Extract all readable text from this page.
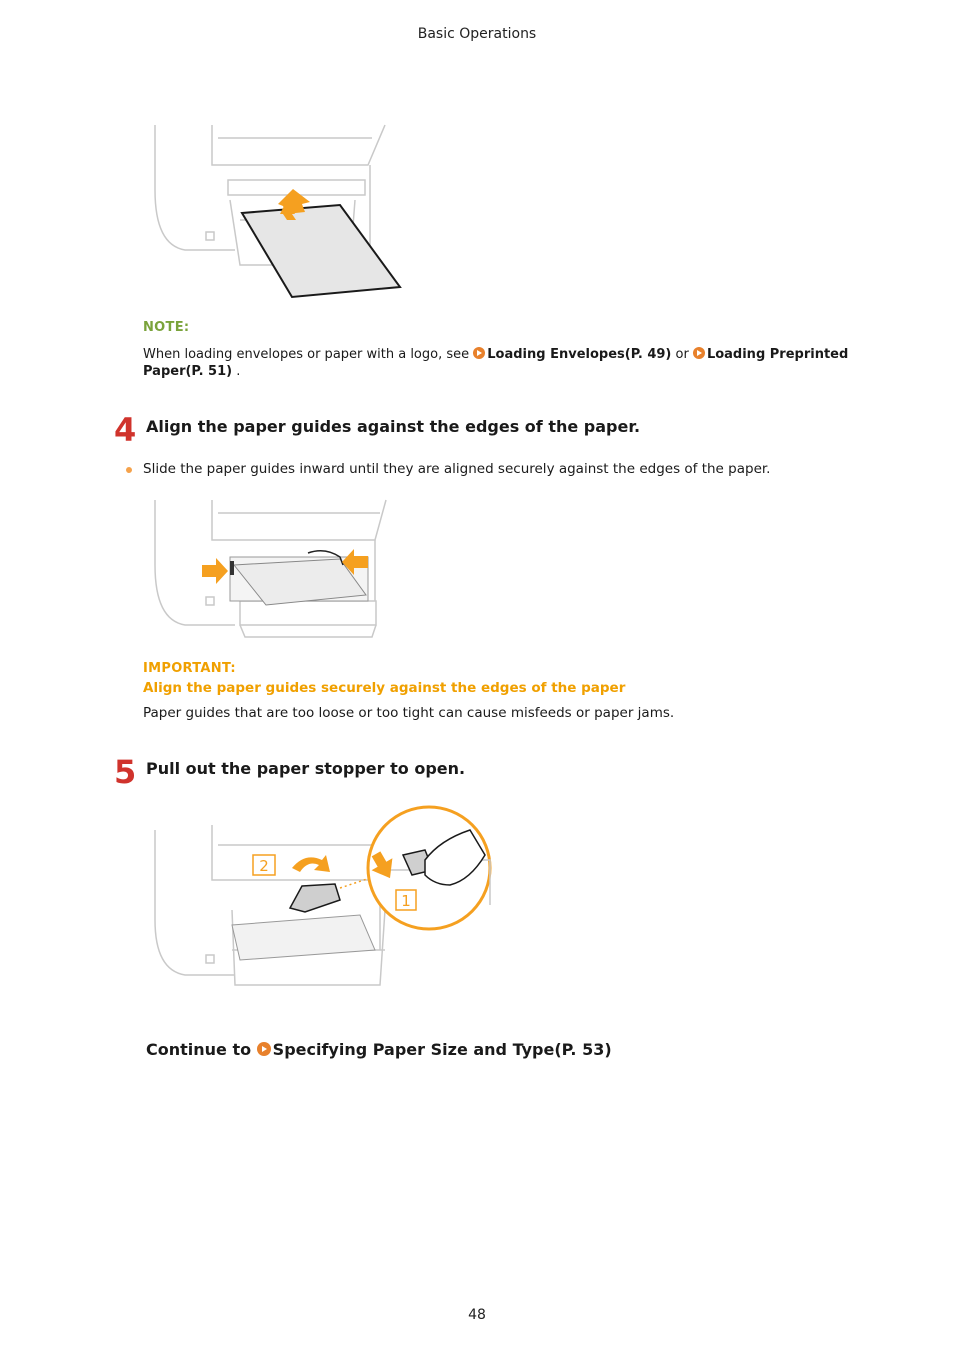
Basic Operations
NOTE:
When loading envelopes or paper with a logo, see Loading Envelopes(P. 49) or Loading Preprinted Paper(P. 51) .
4 Align the paper guides against the edges of the paper.
Slide the paper guides inward until they are aligned securely against the edges of the paper.
IMPORTANT:
Align the paper guides securely against the edges of the paper
Paper guides that are too loose or too tight can cause misfeeds or paper jams.
5 Pull out the paper stopper to open.
2
1
Continue to Specifying Paper Size and Type(P. 53)
48
